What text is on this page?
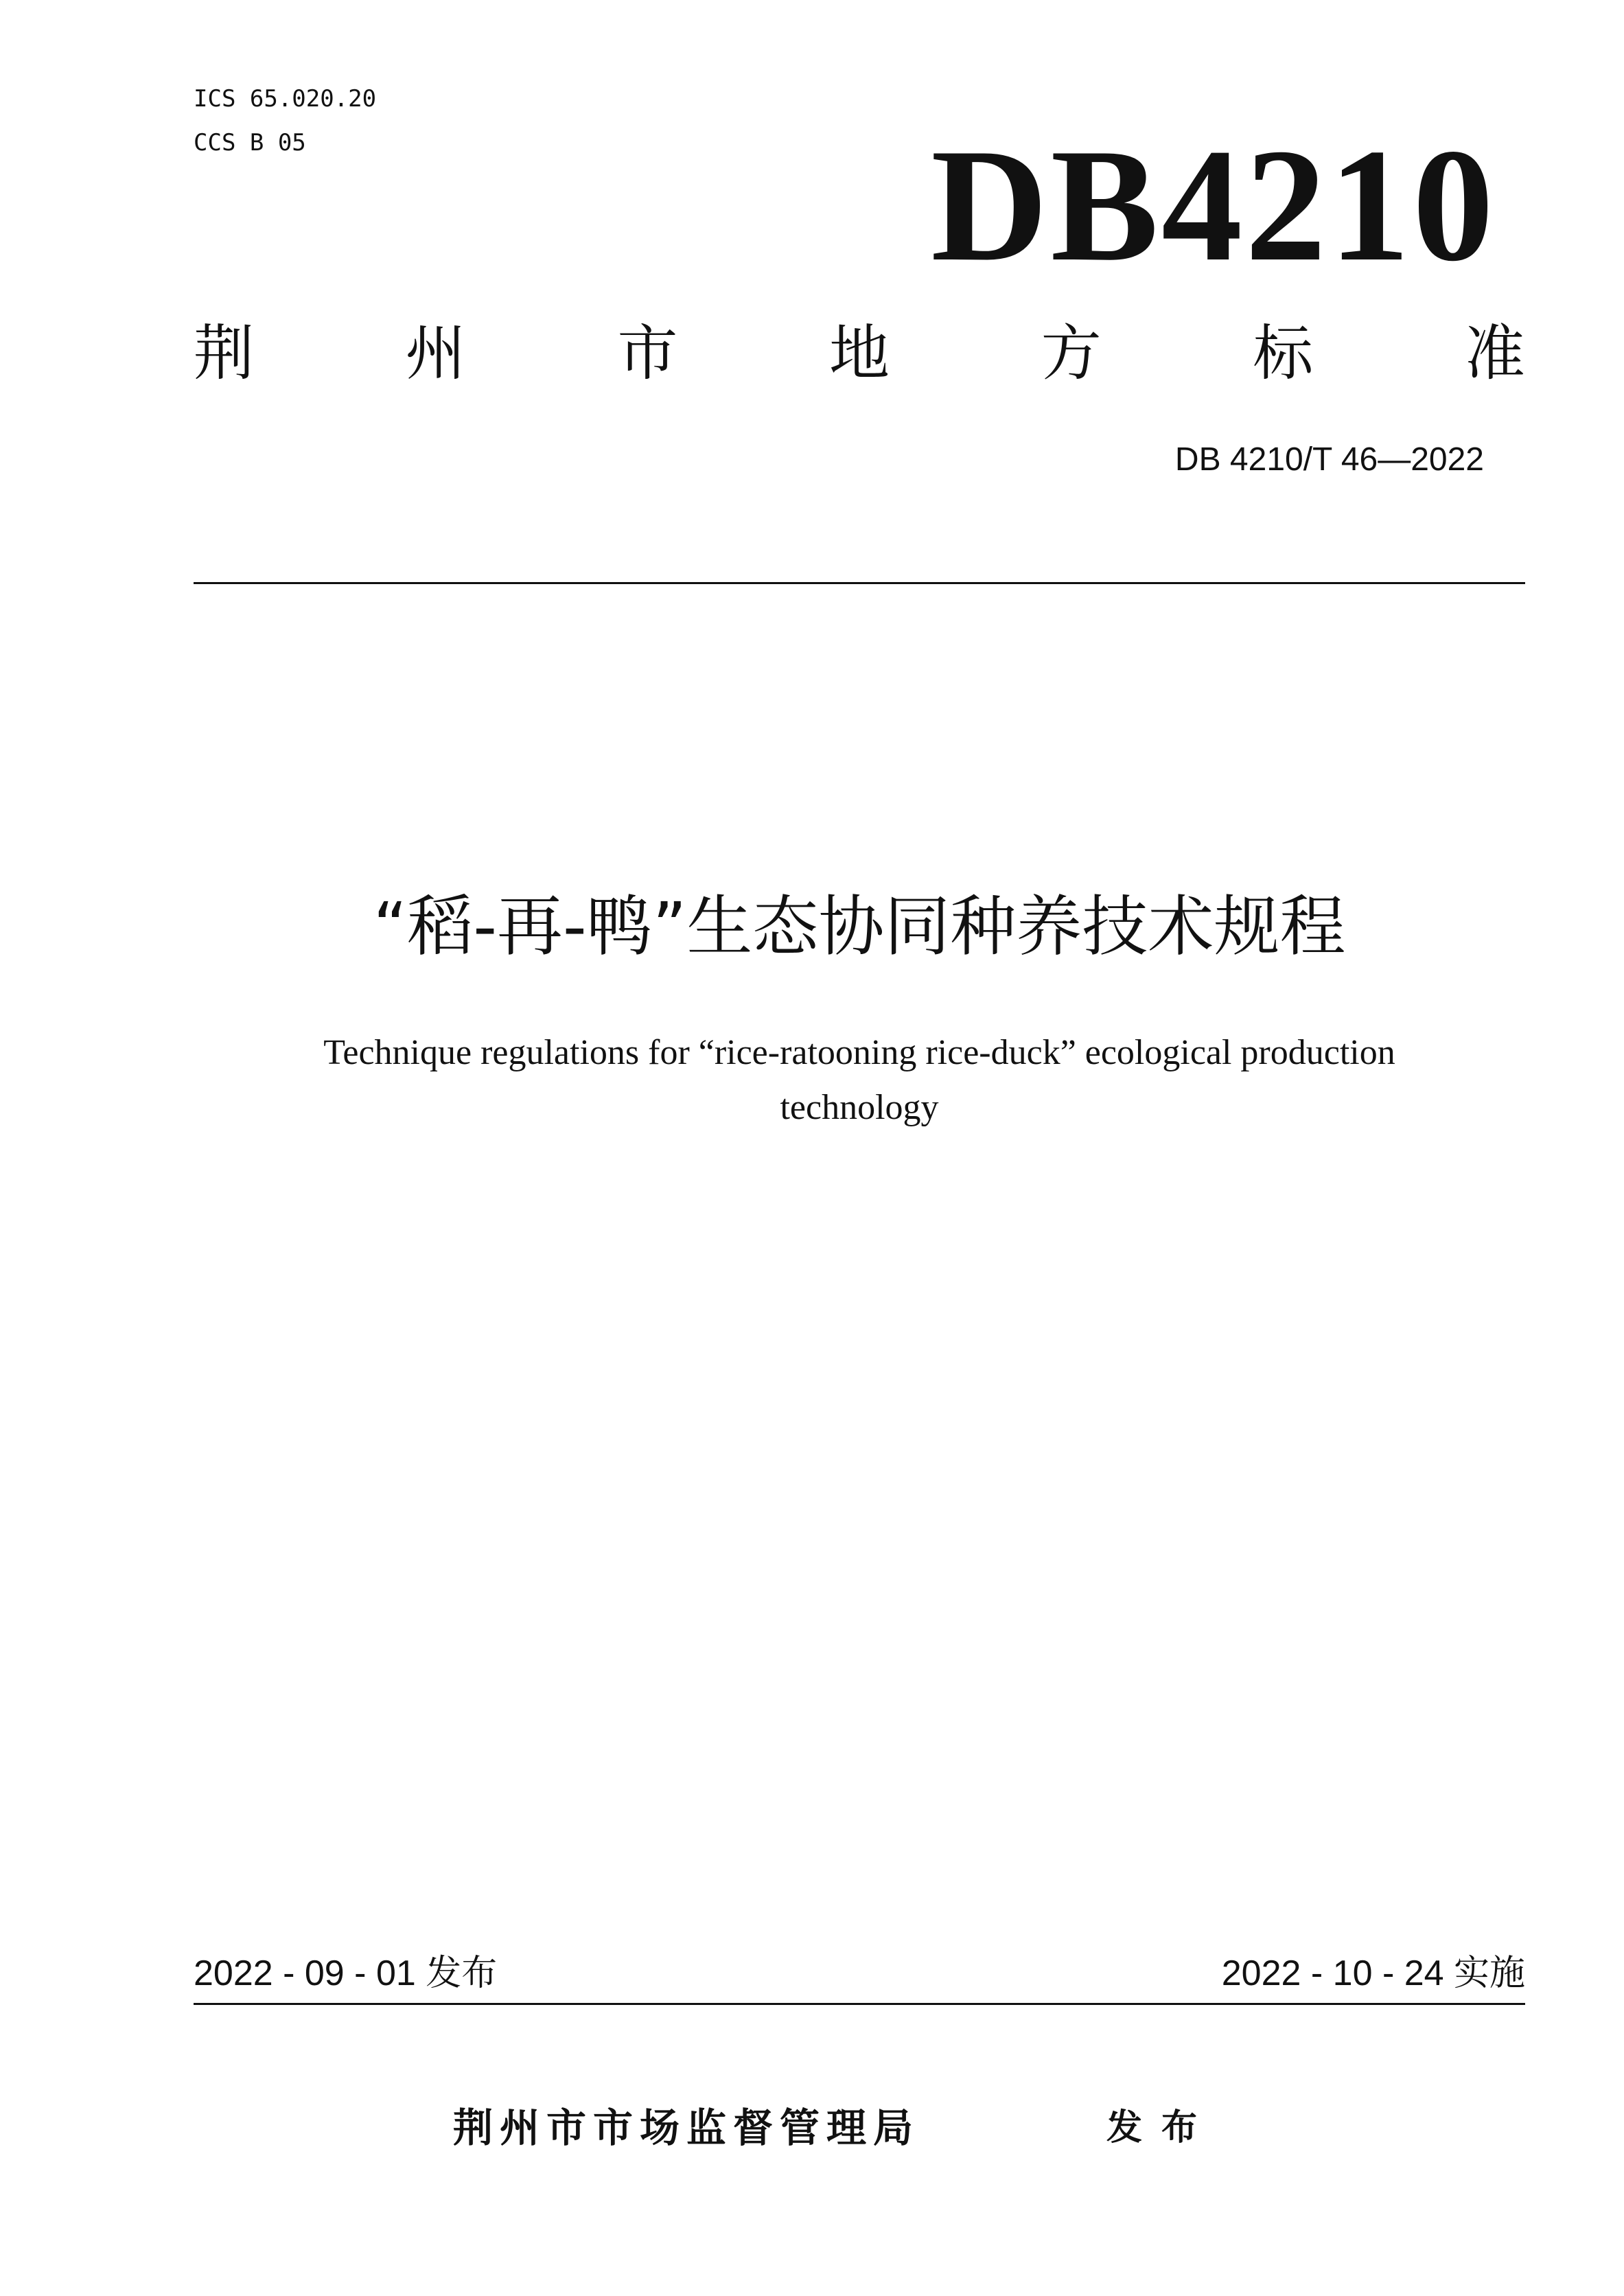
ICS 65.020.20
CCS B 05	DB4210
荆	州	市	地	方	标	准
DB 4210/T 46—2022
“稻-再-鸭”生态协同种养技术规程
Technique regulations for “rice-ratooning rice-duck” ecological production
technology
2022 - 09 - 01 发布	2022 - 10 - 24 实施
荆州市市场监督管理局	发布
